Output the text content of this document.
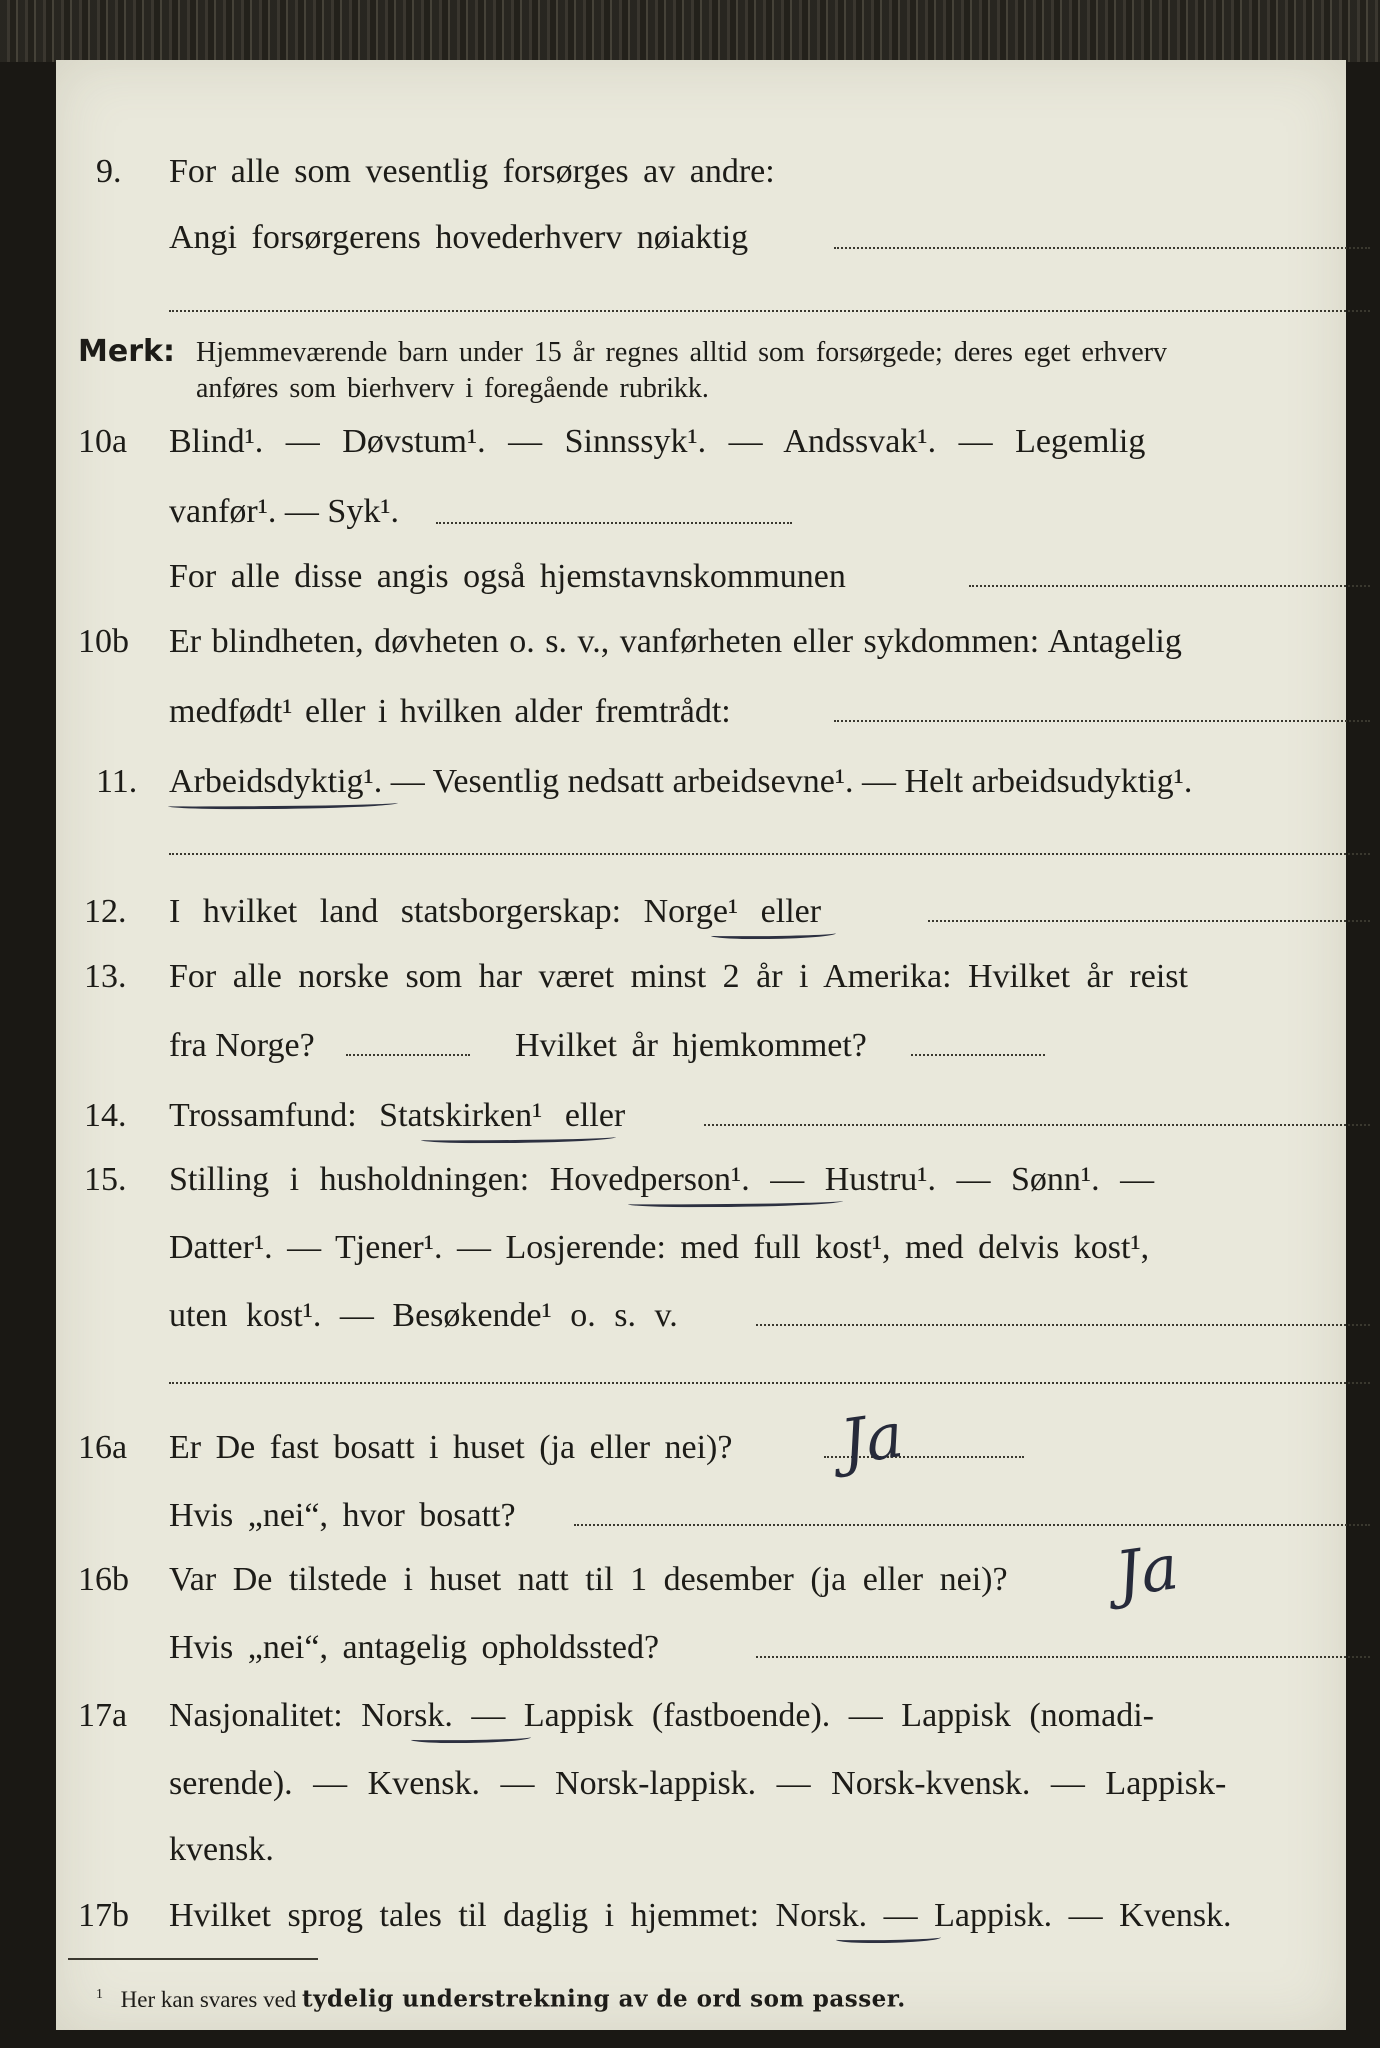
9. For alle som vesentlig forsørges av andre:
Angi forsørgerens hovederhverv nøiaktig
Merk: Hjemmeværende barn under 15 år regnes alltid som forsørgede; deres eget erhverv
anføres som bierhverv i foregående rubrikk.
10a Blind¹. — Døvstum¹. — Sinnssyk¹. — Andssvak¹. — Legemlig
vanfør¹. — Syk¹.
For alle disse angis også hjemstavnskommunen
10b Er blindheten, døvheten o. s. v., vanførheten eller sykdommen: Antagelig
medfødt¹ eller i hvilken alder fremtrådt:
11. Arbeidsdyktig¹. — Vesentlig nedsatt arbeidsevne¹. — Helt arbeidsudyktig¹.
12. I hvilket land statsborgerskap: Norge¹ eller
13. For alle norske som har været minst 2 år i Amerika: Hvilket år reist
fra Norge?	Hvilket år hjemkommet?
14. Trossamfund: Statskirken¹ eller
15. Stilling i husholdningen: Hovedperson¹. — Hustru¹. — Sønn¹. —
Datter¹. — Tjener¹. — Losjerende: med full kost¹, med delvis kost¹,
uten kost¹. — Besøkende¹ o. s. v.
16a Er De fast bosatt i huset (ja eller nei)? Ja
Hvis „nei“, hvor bosatt?
16b Var De tilstede i huset natt til 1 desember (ja eller nei)? Ja
Hvis „nei“, antagelig opholdssted?
17a Nasjonalitet: Norsk. — Lappisk (fastboende). — Lappisk (nomadi-
serende). — Kvensk. — Norsk-lappisk. — Norsk-kvensk. — Lappisk-
kvensk.
17b Hvilket sprog tales til daglig i hjemmet: Norsk. — Lappisk. — Kvensk.
$^1$ Her kan svares ved tydelig understrekning av de ord som passer.
